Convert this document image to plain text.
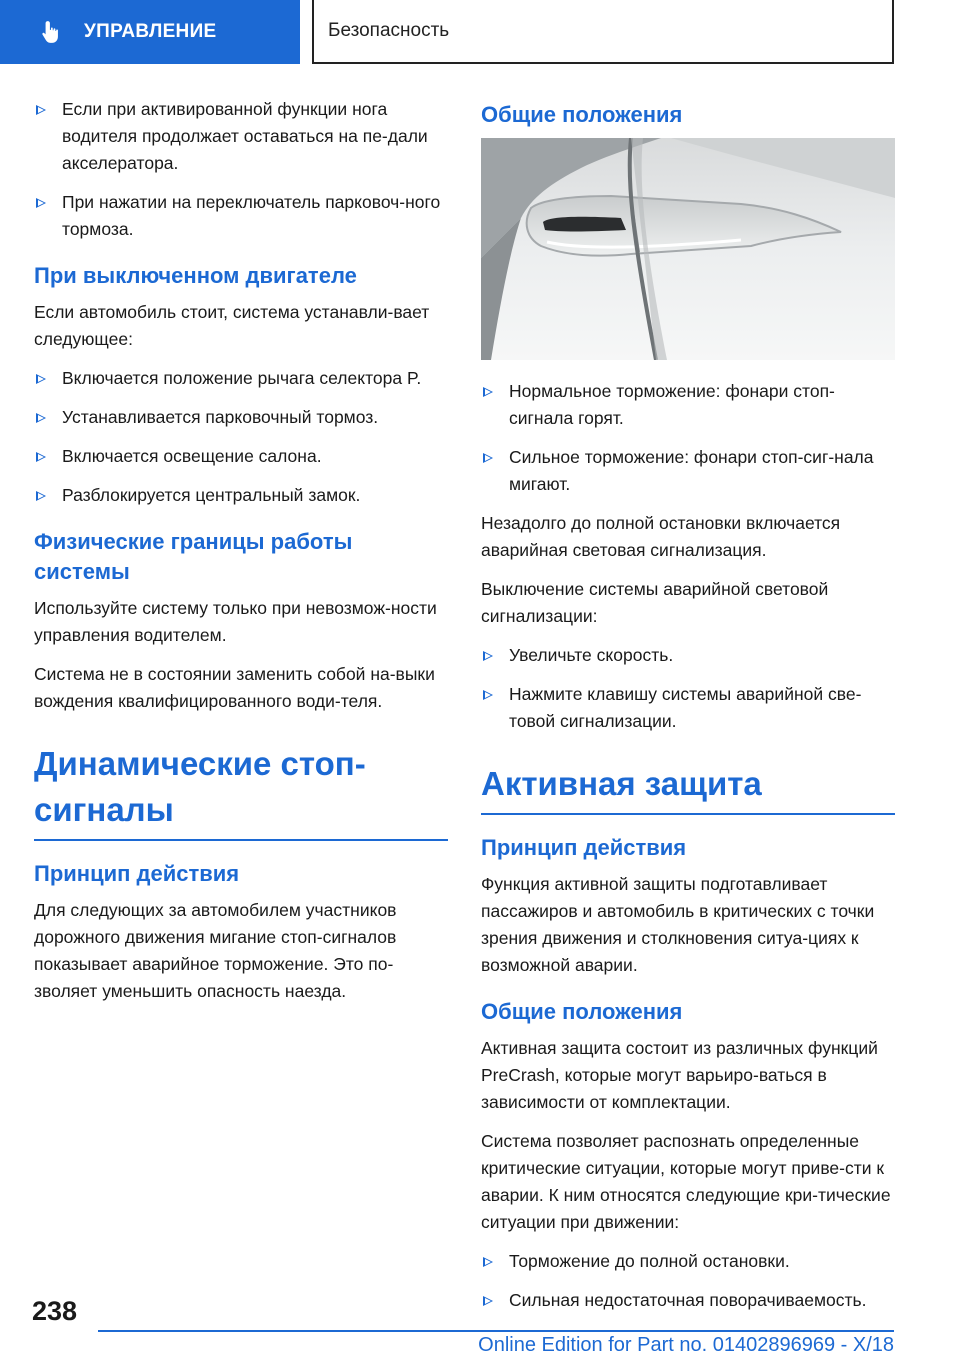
УПРАВЛЕНИЕ	Безопасность
Если при активированной функции нога водителя продолжает оставаться на пе-дали акселератора.
При нажатии на переключатель парковоч-ного тормоза.
При выключенном двигателе

Если автомобиль стоит, система устанавли-вает следующее:

Включается положение рычага селектора P.
Устанавливается парковочный тормоз.
Включается освещение салона.
Разблокируется центральный замок.
Физические границы работы системы

Используйте систему только при невозмож-ности управления водителем.

Система не в состоянии заменить собой на-выки вождения квалифицированного води-теля.

Динамические стоп-сигналы
Принцип действия

Для следующих за автомобилем участников дорожного движения мигание стоп-сигналов показывает аварийное торможение. Это по-зволяет уменьшить опасность наезда.

Общие положения
Нормальное торможение: фонари стоп-сигнала горят.
Сильное торможение: фонари стоп-сиг-нала мигают.

Незадолго до полной остановки включается аварийная световая сигнализация.

Выключение системы аварийной световой сигнализации:

Увеличьте скорость.
Нажмите клавишу системы аварийной све-товой сигнализации.
Активная защита
Принцип действия

Функция активной защиты подготавливает пассажиров и автомобиль в критических с точки зрения движения и столкновения ситуа-циях к возможной аварии.

Общие положения

Активная защита состоит из различных функций PreCrash, которые могут варьиро-ваться в зависимости от комплектации.

Система позволяет распознать определенные критические ситуации, которые могут приве-сти к аварии. К ним относятся следующие кри-тические ситуации при движении:

Торможение до полной остановки.
Сильная недостаточная поворачиваемость.
238
Online Edition for Part no. 01402896969 - X/18
